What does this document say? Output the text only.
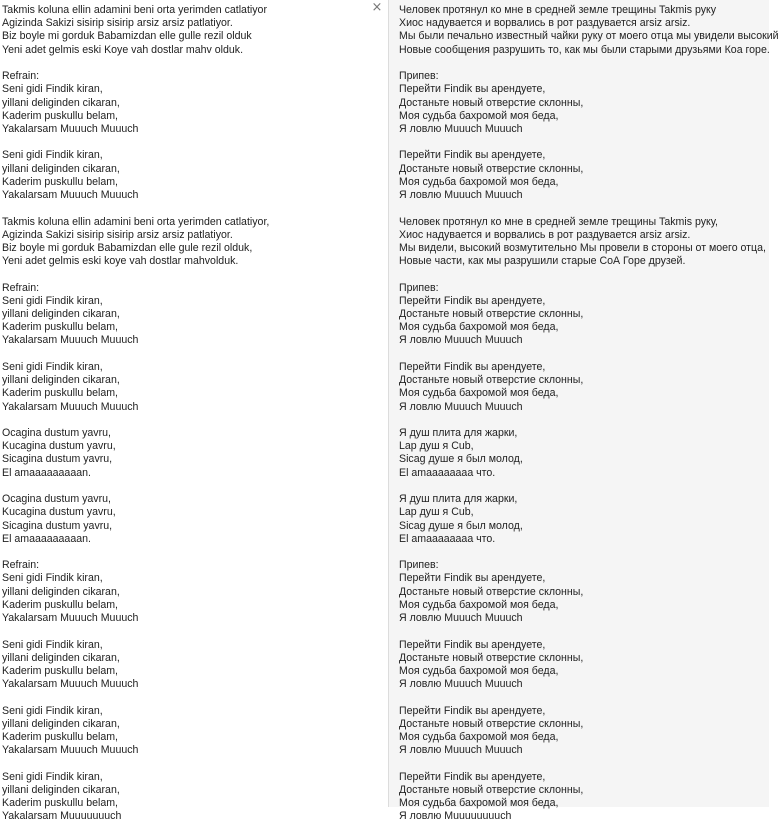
Takmis koluna ellin adamini beni orta yerimden catlatiyor
Agizinda Sakizi sisirip sisirip arsiz arsiz patlatiyor.
Biz boyle mi gorduk Babamizdan elle gulle rezil olduk
Yeni adet gelmis eski Koye vah dostlar mahv olduk.
Refrain:
Seni gidi Findik kiran,
yillani deliginden cikaran,
Kaderim puskullu belam,
Yakalarsam Muuuch Muuuch
Seni gidi Findik kiran,
yillani deliginden cikaran,
Kaderim puskullu belam,
Yakalarsam Muuuch Muuuch
Takmis koluna ellin adamini beni orta yerimden catlatiyor,
Agizinda Sakizi sisirip sisirip arsiz arsiz patlatiyor.
Biz boyle mi gorduk Babamizdan elle gule rezil olduk,
Yeni adet gelmis eski koye vah dostlar mahvolduk.
Refrain:
Seni gidi Findik kiran,
yillani deliginden cikaran,
Kaderim puskullu belam,
Yakalarsam Muuuch Muuuch
Seni gidi Findik kiran,
yillani deliginden cikaran,
Kaderim puskullu belam,
Yakalarsam Muuuch Muuuch
Ocagina dustum yavru,
Kucagina dustum yavru,
Sicagina dustum yavru,
El amaaaaaaaaan.
Ocagina dustum yavru,
Kucagina dustum yavru,
Sicagina dustum yavru,
El amaaaaaaaaan.
Refrain:
Seni gidi Findik kiran,
yillani deliginden cikaran,
Kaderim puskullu belam,
Yakalarsam Muuuch Muuuch
Seni gidi Findik kiran,
yillani deliginden cikaran,
Kaderim puskullu belam,
Yakalarsam Muuuch Muuuch
Seni gidi Findik kiran,
yillani deliginden cikaran,
Kaderim puskullu belam,
Yakalarsam Muuuch Muuuch
Seni gidi Findik kiran,
yillani deliginden cikaran,
Kaderim puskullu belam,
Yakalarsam Muuuuuuuch
× Человек протянул ко мне в средней земле трещины Takmis руку
Хиос надувается и ворвались в рот раздувается arsiz arsiz.
Мы были печально известный чайки руку от моего отца мы увидели высокий
Новые сообщения разрушить то, как мы были старыми друзьями Коа горе.
Припев:
Перейти Findik вы арендуете,
Достаньте новый отверстие склонны,
Моя судьба бахромой моя беда,
Я ловлю Muuuch Muuuch
Перейти Findik вы арендуете,
Достаньте новый отверстие склонны,
Моя судьба бахромой моя беда,
Я ловлю Muuuch Muuuch
Человек протянул ко мне в средней земле трещины Takmis руку,
Хиос надувается и ворвались в рот раздувается arsiz arsiz.
Мы видели, высокий возмутительно Мы провели в стороны от моего отца,
Новые части, как мы разрушили старые СоА Горе друзей.
Припев:
Перейти Findik вы арендуете,
Достаньте новый отверстие склонны,
Моя судьба бахромой моя беда,
Я ловлю Muuuch Muuuch
Перейти Findik вы арендуете,
Достаньте новый отверстие склонны,
Моя судьба бахромой моя беда,
Я ловлю Muuuch Muuuch
Я душ плита для жарки,
Lap душ я Cub,
Sicag душе я был молод,
El amaaaaaaaa что.
Я душ плита для жарки,
Lap душ я Cub,
Sicag душе я был молод,
El amaaaaaaaa что.
Припев:
Перейти Findik вы арендуете,
Достаньте новый отверстие склонны,
Моя судьба бахромой моя беда,
Я ловлю Muuuch Muuuch
Перейти Findik вы арендуете,
Достаньте новый отверстие склонны,
Моя судьба бахромой моя беда,
Я ловлю Muuuch Muuuch
Перейти Findik вы арендуете,
Достаньте новый отверстие склонны,
Моя судьба бахромой моя беда,
Я ловлю Muuuch Muuuch
Перейти Findik вы арендуете,
Достаньте новый отверстие склонны,
Моя судьба бахромой моя беда,
Я ловлю Muuuuuuuuch
